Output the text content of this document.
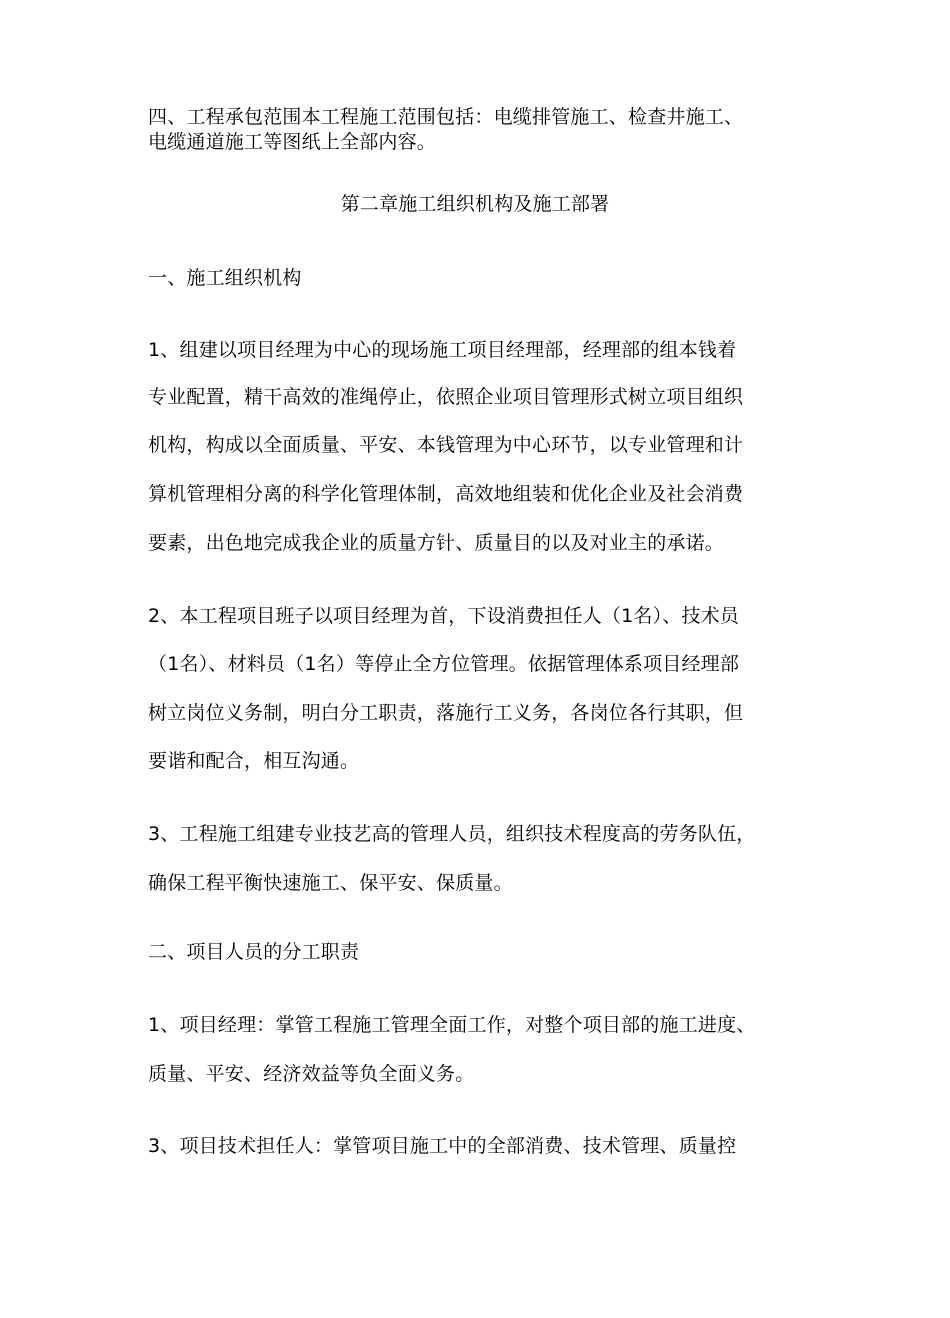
四、工程承包范围本工程施工范围包括：电缆排管施工、检查井施工、
电缆通道施工等图纸上全部内容。
第二章施工组织机构及施工部署
一、施工组织机构
1、组建以项目经理为中心的现场施工项目经理部，经理部的组本钱着
专业配置，精干高效的准绳停止，依照企业项目管理形式树立项目组织
机构，构成以全面质量、平安、本钱管理为中心环节，以专业管理和计
算机管理相分离的科学化管理体制，高效地组装和优化企业及社会消费
要素，出色地完成我企业的质量方针、质量目的以及对业主的承诺。
2、本工程项目班子以项目经理为首，下设消费担任人（1名）、技术员
（1名）、材料员（1名）等停止全方位管理。依据管理体系项目经理部
树立岗位义务制，明白分工职责，落施行工义务，各岗位各行其职，但
要谐和配合，相互沟通。
3、工程施工组建专业技艺高的管理人员，组织技术程度高的劳务队伍，
确保工程平衡快速施工、保平安、保质量。
二、项目人员的分工职责
1、项目经理：掌管工程施工管理全面工作，对整个项目部的施工进度、
质量、平安、经济效益等负全面义务。
3、项目技术担任人：掌管项目施工中的全部消费、技术管理、质量控
